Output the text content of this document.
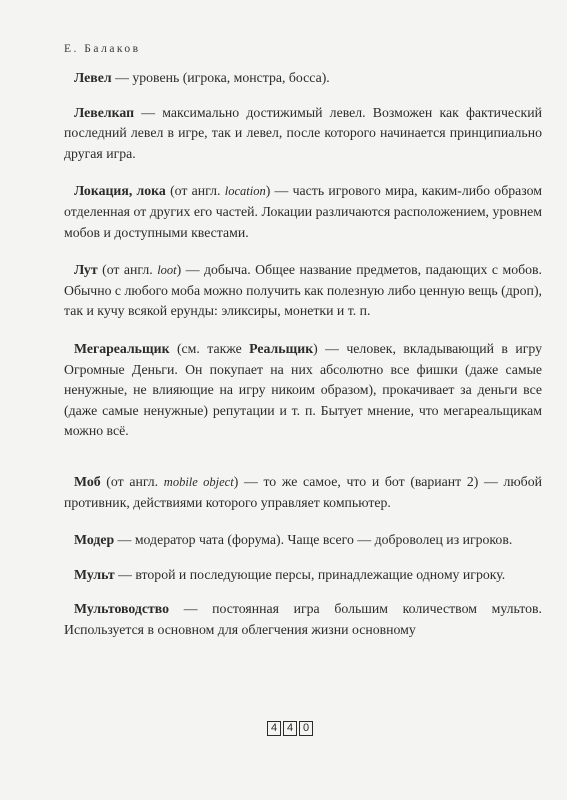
Е. Балаков

Левел — уровень (игрока, монстра, босса).

Левелкап — максимально достижимый левел. Возможен как фактический последний левел в игре, так и левел, после которого начинается принципиально другая игра.

Локация, лока (от англ. location) — часть игрового мира, каким-либо образом отделенная от других его частей. Локации различаются расположением, уровнем мобов и доступными квестами.

Лут (от англ. loot) — добыча. Общее название предметов, падающих с мобов. Обычно с любого моба можно получить как полезную либо ценную вещь (дроп), так и кучу всякой ерунды: эликсиры, монетки и т. п.

Мегареальщик (см. также Реальщик) — человек, вкладывающий в игру Огромные Деньги. Он покупает на них абсолютно все фишки (даже самые ненужные, не влияющие на игру никоим образом), прокачивает за деньги все (даже самые ненужные) репутации и т. п. Бытует мнение, что мегареальщикам можно всё.

Моб (от англ. mobile object) — то же самое, что и бот (вариант 2) — любой противник, действиями которого управляет компьютер.

Модер — модератор чата (форума). Чаще всего — доброволец из игроков.

Мульт — второй и последующие персы, принадлежащие одному игроку.

Мультоводство — постоянная игра большим количеством мультов. Используется в основном для облегчения жизни основному

4 4 0
